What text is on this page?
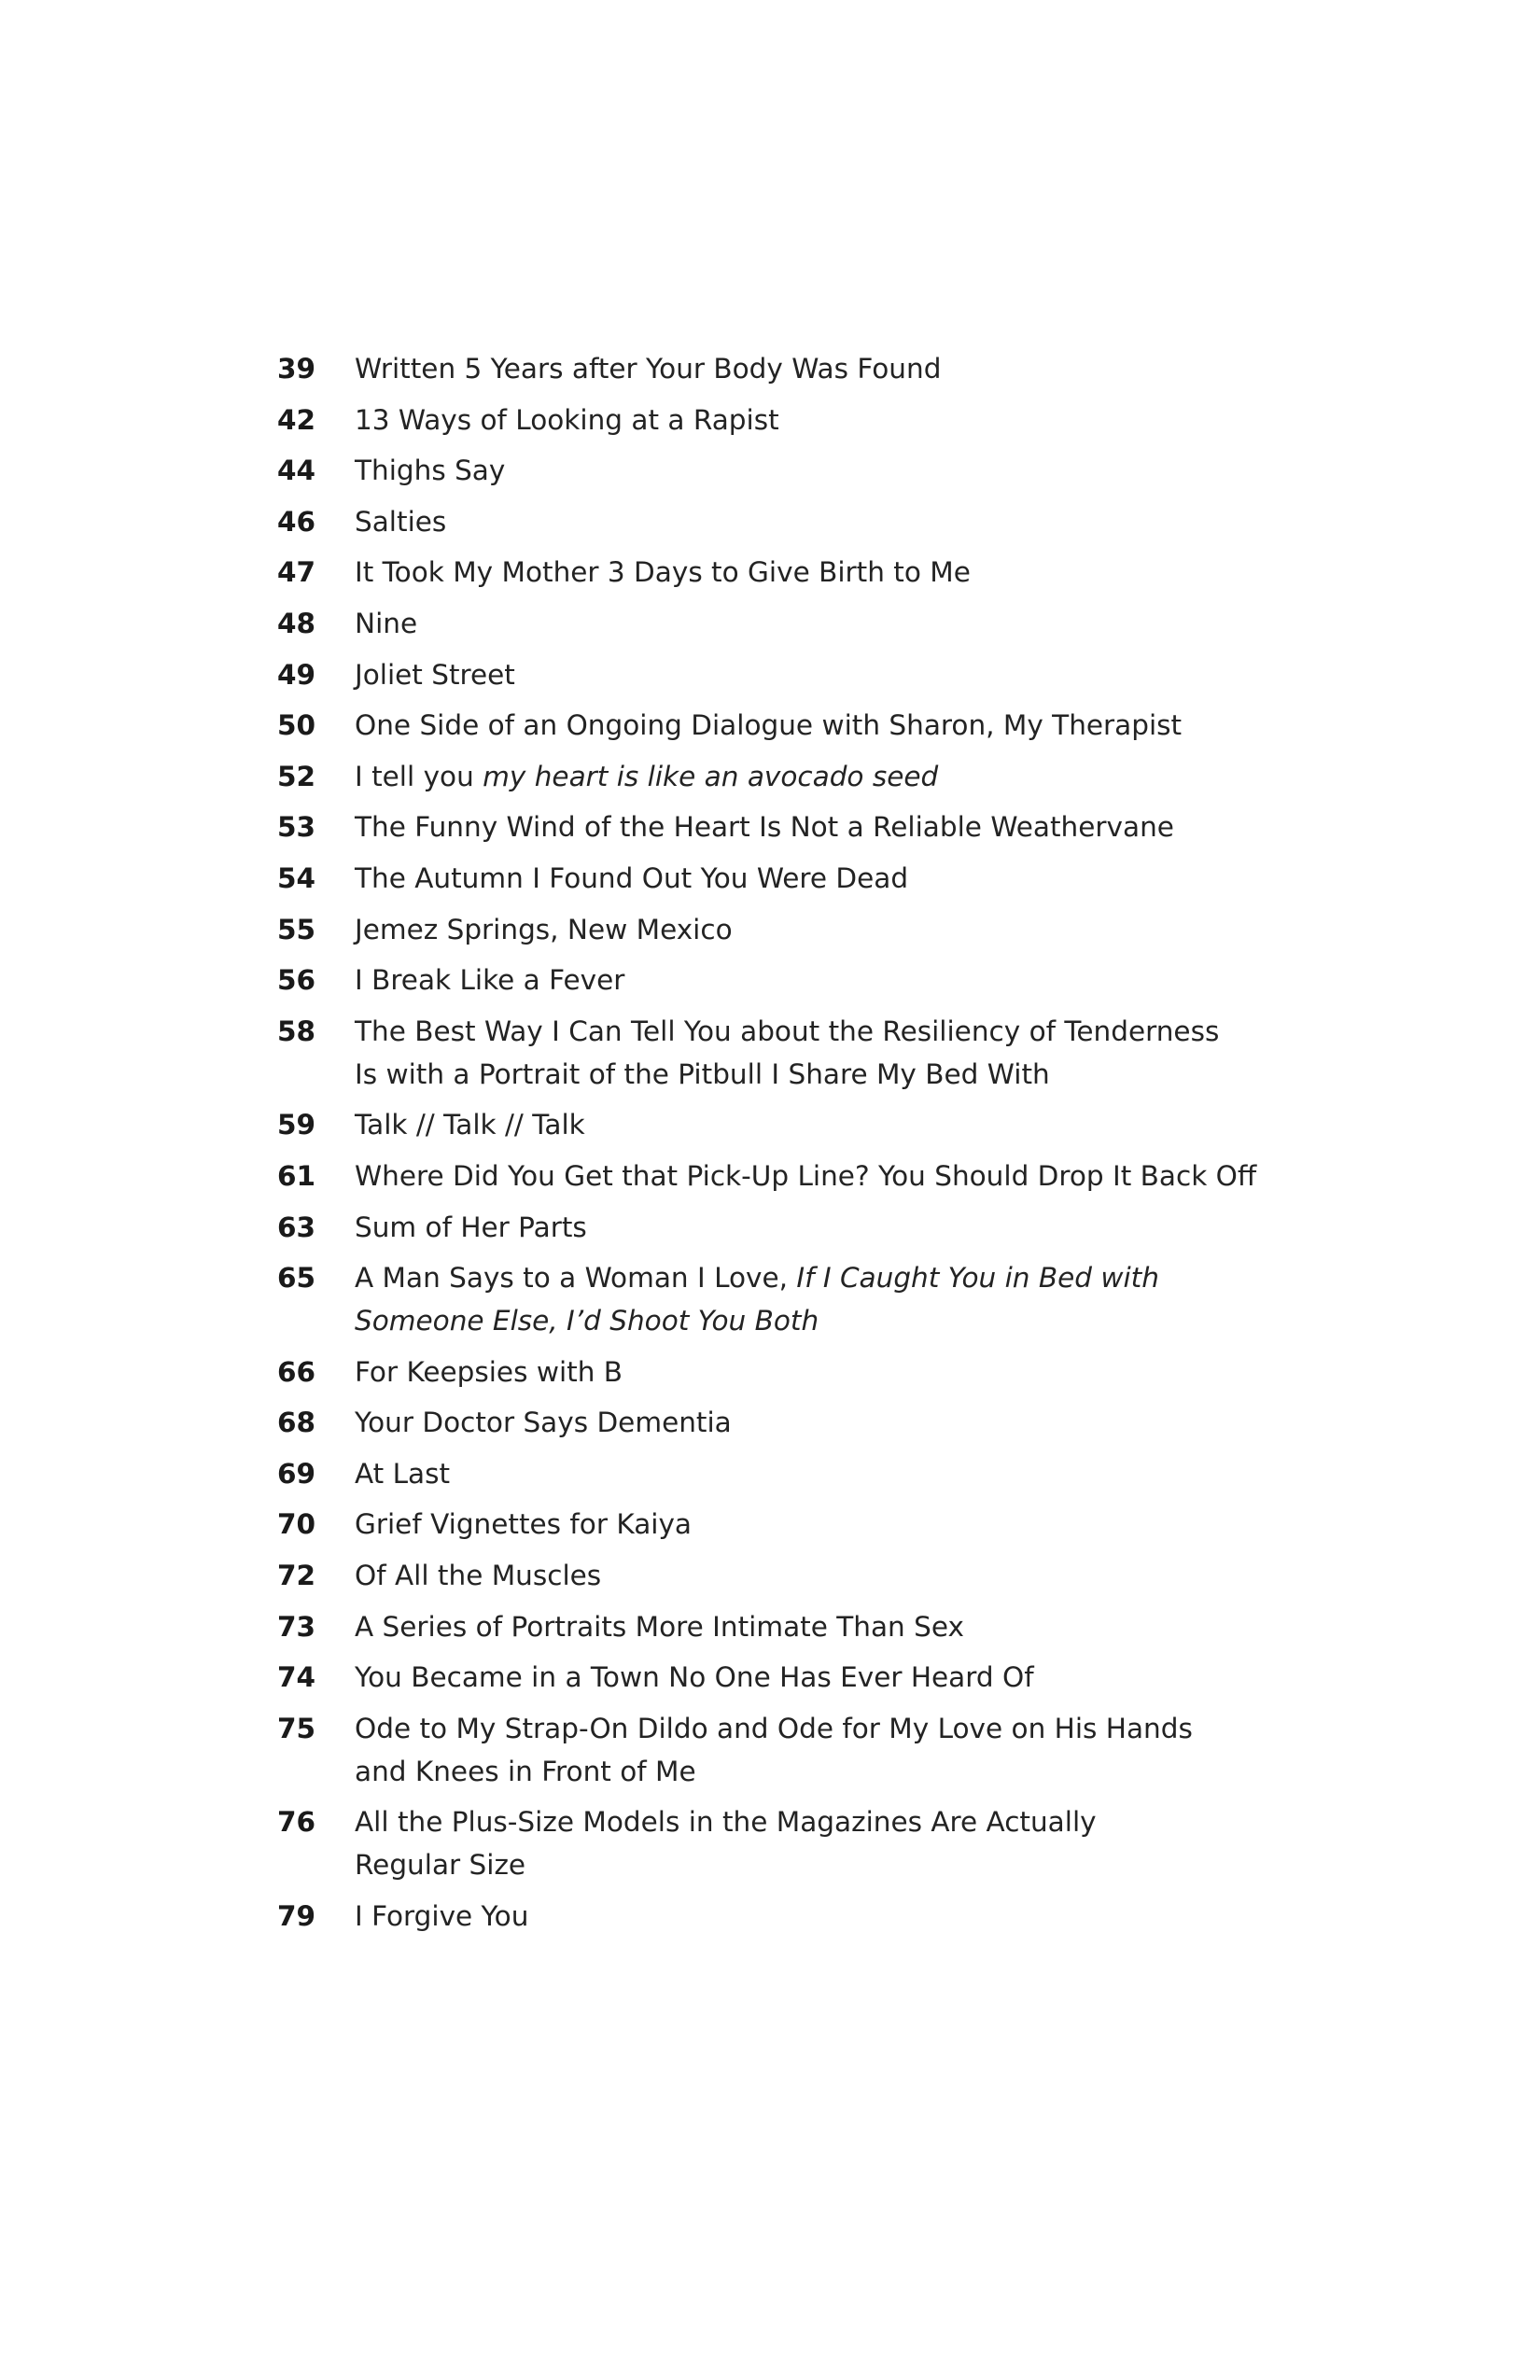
39 Written 5 Years after Your Body Was Found
42 13 Ways of Looking at a Rapist
44 Thighs Say
46 Salties
47 It Took My Mother 3 Days to Give Birth to Me
48 Nine
49 Joliet Street
50 One Side of an Ongoing Dialogue with Sharon, My Therapist
52 I tell you my heart is like an avocado seed
53 The Funny Wind of the Heart Is Not a Reliable Weathervane
54 The Autumn I Found Out You Were Dead
55 Jemez Springs, New Mexico
56 I Break Like a Fever
58 The Best Way I Can Tell You about the Resiliency of Tenderness
Is with a Portrait of the Pitbull I Share My Bed With
59 Talk // Talk // Talk
61 Where Did You Get that Pick-Up Line? You Should Drop It Back Off
63 Sum of Her Parts
65 A Man Says to a Woman I Love, If I Caught You in Bed with
Someone Else, I’d Shoot You Both
66 For Keepsies with B
68 Your Doctor Says Dementia
69 At Last
70 Grief Vignettes for Kaiya
72 Of All the Muscles
73 A Series of Portraits More Intimate Than Sex
74 You Became in a Town No One Has Ever Heard Of
75 Ode to My Strap-On Dildo and Ode for My Love on His Hands
and Knees in Front of Me
76 All the Plus-Size Models in the Magazines Are Actually
Regular Size
79 I Forgive You
